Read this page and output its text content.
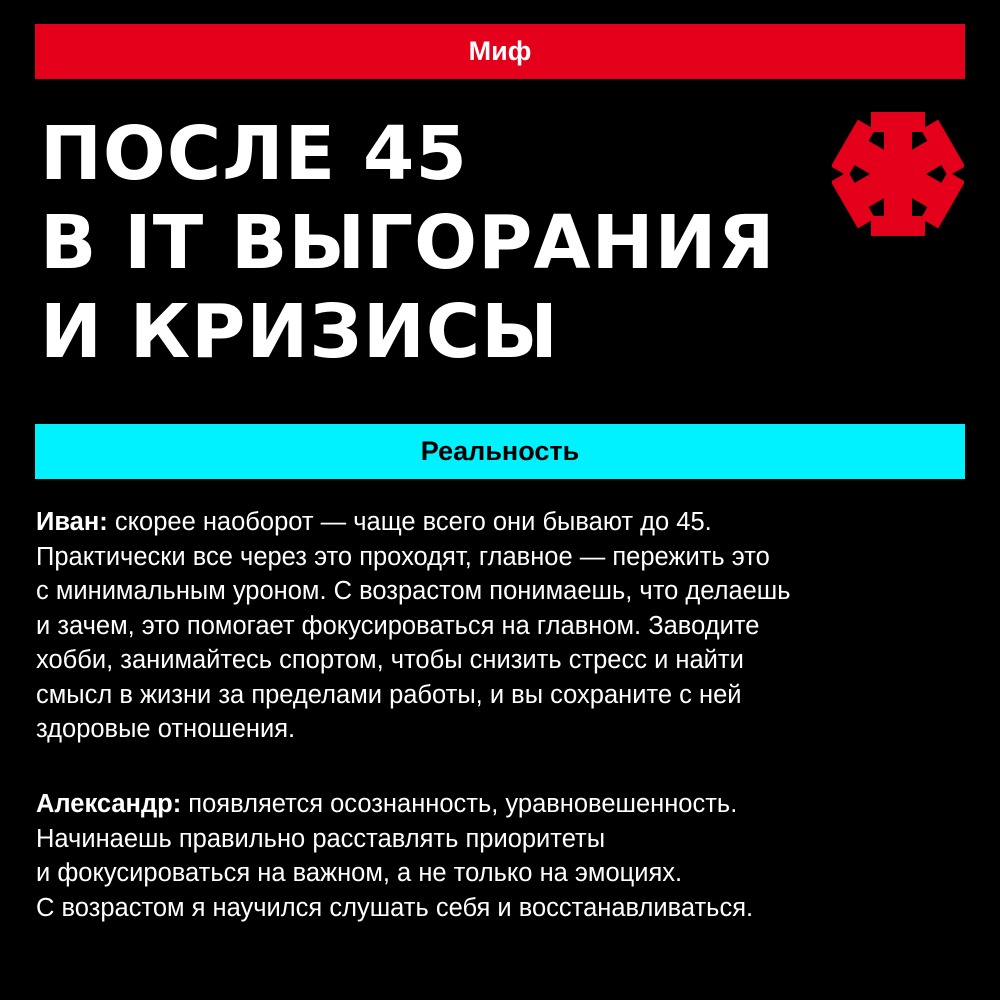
Миф
ПОСЛЕ 45
В IT ВЫГОРАНИЯ
И КРИЗИСЫ
Реальность

Иван: скорее наоборот — чаще всего они бывают до 45.
Практически все через это проходят, главное — пережить это
с минимальным уроном. С возрастом понимаешь, что делаешь
и зачем, это помогает фокусироваться на главном. Заводите
хобби, занимайтесь спортом, чтобы снизить стресс и найти
смысл в жизни за пределами работы, и вы сохраните с ней
здоровые отношения.

Александр: появляется осознанность, уравновешенность.
Начинаешь правильно расставлять приоритеты
и фокусироваться на важном, а не только на эмоциях.
С возрастом я научился слушать себя и восстанавливаться.
